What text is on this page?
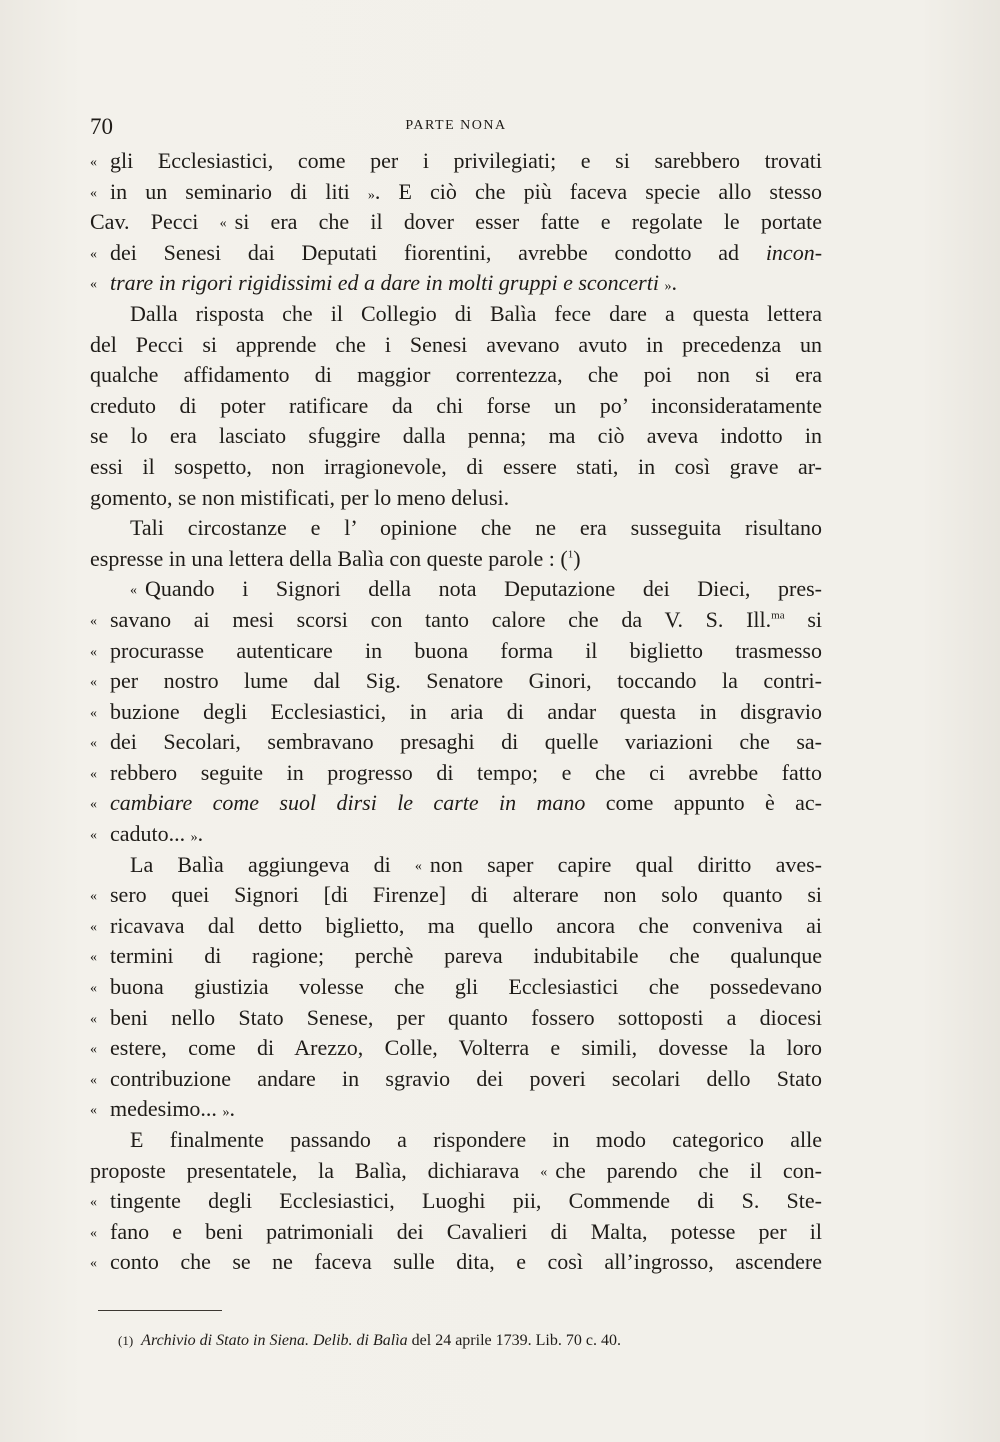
70	PARTE NONA
« gli Ecclesiastici, come per i privilegiati; e si sarebbero trovati
« in un seminario di liti ». E ciò che più faceva specie allo stesso
Cav. Pecci « si era che il dover esser fatte e regolate le portate
« dei Senesi dai Deputati fiorentini, avrebbe condotto ad incon-
« trare in rigori rigidissimi ed a dare in molti gruppi e sconcerti ».
Dalla risposta che il Collegio di Balìa fece dare a questa lettera
del Pecci si apprende che i Senesi avevano avuto in precedenza un
qualche affidamento di maggior correntezza, che poi non si era
creduto di poter ratificare da chi forse un po’ inconsideratamente
se lo era lasciato sfuggire dalla penna; ma ciò aveva indotto in
essi il sospetto, non irragionevole, di essere stati, in così grave ar-
gomento, se non mistificati, per lo meno delusi.
Tali circostanze e l’ opinione che ne era susseguita risultano
espresse in una lettera della Balìa con queste parole : ($^1$)
« Quando i Signori della nota Deputazione dei Dieci, pres-
« savano ai mesi scorsi con tanto calore che da V. S. Ill.$^{ma}$ si
« procurasse autenticare in buona forma il biglietto trasmesso
« per nostro lume dal Sig. Senatore Ginori, toccando la contri-
« buzione degli Ecclesiastici, in aria di andar questa in disgravio
« dei Secolari, sembravano presaghi di quelle variazioni che sa-
« rebbero seguite in progresso di tempo; e che ci avrebbe fatto
« cambiare come suol dirsi le carte in mano come appunto è ac-
« caduto... ».
La Balìa aggiungeva di « non saper capire qual diritto aves-
« sero quei Signori [di Firenze] di alterare non solo quanto si
« ricavava dal detto biglietto, ma quello ancora che conveniva ai
« termini di ragione; perchè pareva indubitabile che qualunque
« buona giustizia volesse che gli Ecclesiastici che possedevano
« beni nello Stato Senese, per quanto fossero sottoposti a diocesi
« estere, come di Arezzo, Colle, Volterra e simili, dovesse la loro
« contribuzione andare in sgravio dei poveri secolari dello Stato
« medesimo... ».
E finalmente passando a rispondere in modo categorico alle
proposte presentatele, la Balìa, dichiarava « che parendo che il con-
« tingente degli Ecclesiastici, Luoghi pii, Commende di S. Ste-
« fano e beni patrimoniali dei Cavalieri di Malta, potesse per il
« conto che se ne faceva sulle dita, e così all’ingrosso, ascendere
(1) Archivio di Stato in Siena. Delib. di Balìa del 24 aprile 1739. Lib. 70 c. 40.
